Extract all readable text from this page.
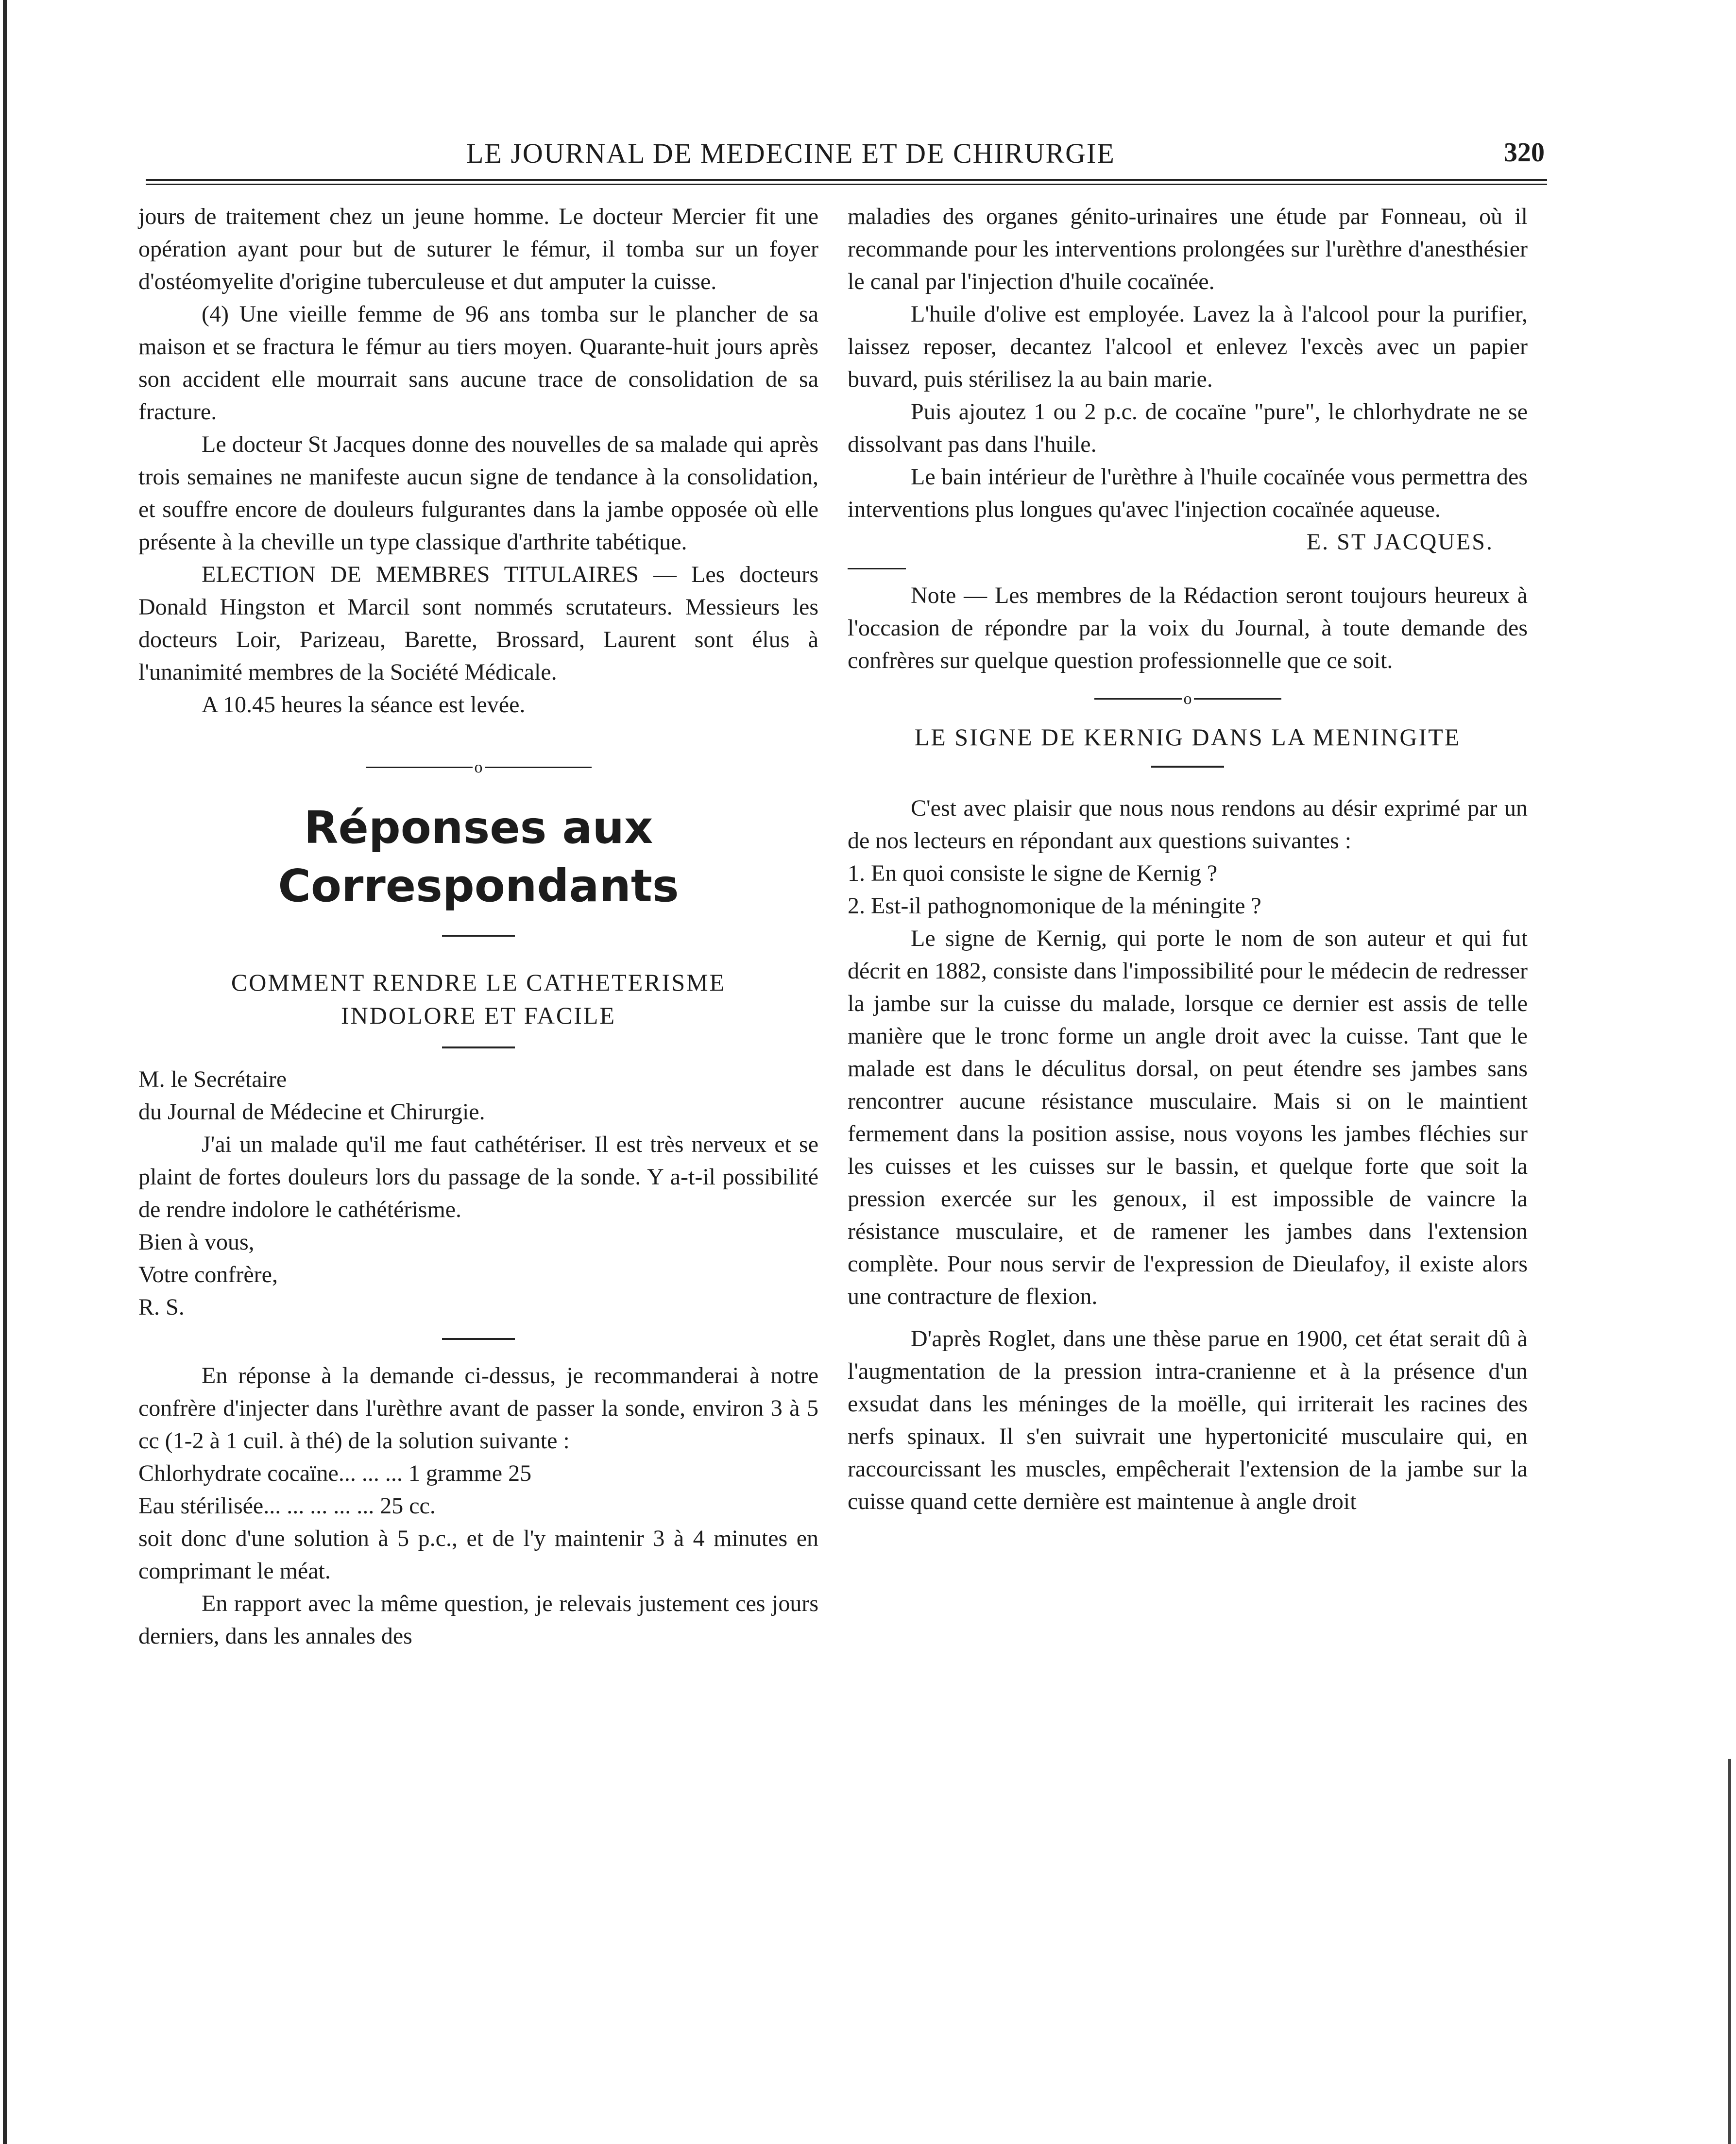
LE JOURNAL DE MEDECINE ET DE CHIRURGIE	320

jours de traitement chez un jeune homme. Le docteur Mercier fit une opération ayant pour but de suturer le fémur, il tomba sur un foyer d'ostéomyelite d'origine tuberculeuse et dut amputer la cuisse.

(4) Une vieille femme de 96 ans tomba sur le plancher de sa maison et se fractura le fémur au tiers moyen. Quarante-huit jours après son accident elle mourrait sans aucune trace de consolidation de sa fracture.

Le docteur St Jacques donne des nouvelles de sa malade qui après trois semaines ne manifeste aucun signe de tendance à la consolidation, et souffre encore de douleurs fulgurantes dans la jambe opposée où elle présente à la cheville un type classique d'arthrite tabétique.

ELECTION DE MEMBRES TITULAIRES — Les docteurs Donald Hingston et Marcil sont nommés scrutateurs. Messieurs les docteurs Loir, Parizeau, Barette, Brossard, Laurent sont élus à l'unanimité membres de la Société Médicale.

A 10.45 heures la séance est levée.

o
Réponses aux Correspondants
COMMENT RENDRE LE CATHETERISME
INDOLORE ET FACILE

M. le Secrétaire

du Journal de Médecine et Chirurgie.

J'ai un malade qu'il me faut cathétériser. Il est très nerveux et se plaint de fortes douleurs lors du passage de la sonde. Y a-t-il possibilité de rendre indolore le cathétérisme.

Bien à vous,

Votre confrère,

R. S.

En réponse à la demande ci-dessus, je recommanderai à notre confrère d'injecter dans l'urèthre avant de passer la sonde, environ 3 à 5 cc (1-2 à 1 cuil. à thé) de la solution suivante :

Chlorhydrate cocaïne... ... ... 1 gramme 25

Eau stérilisée... ... ... ... ... 25 cc.

soit donc d'une solution à 5 p.c., et de l'y maintenir 3 à 4 minutes en comprimant le méat.

En rapport avec la même question, je relevais justement ces jours derniers, dans les annales des

maladies des organes génito-urinaires une étude par Fonneau, où il recommande pour les interventions prolongées sur l'urèthre d'anesthésier le canal par l'injection d'huile cocaïnée.

L'huile d'olive est employée. Lavez la à l'alcool pour la purifier, laissez reposer, decantez l'alcool et enlevez l'excès avec un papier buvard, puis stérilisez la au bain marie.

Puis ajoutez 1 ou 2 p.c. de cocaïne "pure", le chlorhydrate ne se dissolvant pas dans l'huile.

Le bain intérieur de l'urèthre à l'huile cocaïnée vous permettra des interventions plus longues qu'avec l'injection cocaïnée aqueuse.

E. ST JACQUES.

Note — Les membres de la Rédaction seront toujours heureux à l'occasion de répondre par la voix du Journal, à toute demande des confrères sur quelque question professionnelle que ce soit.

o

LE SIGNE DE KERNIG DANS LA MENINGITE

C'est avec plaisir que nous nous rendons au désir exprimé par un de nos lecteurs en répondant aux questions suivantes :

1. En quoi consiste le signe de Kernig ?

2. Est-il pathognomonique de la méningite ?

Le signe de Kernig, qui porte le nom de son auteur et qui fut décrit en 1882, consiste dans l'impossibilité pour le médecin de redresser la jambe sur la cuisse du malade, lorsque ce dernier est assis de telle manière que le tronc forme un angle droit avec la cuisse. Tant que le malade est dans le déculitus dorsal, on peut étendre ses jambes sans rencontrer aucune résistance musculaire. Mais si on le maintient fermement dans la position assise, nous voyons les jambes fléchies sur les cuisses et les cuisses sur le bassin, et quelque forte que soit la pression exercée sur les genoux, il est impossible de vaincre la résistance musculaire, et de ramener les jambes dans l'extension complète. Pour nous servir de l'expression de Dieulafoy, il existe alors une contracture de flexion.

D'après Roglet, dans une thèse parue en 1900, cet état serait dû à l'augmentation de la pression intra-cranienne et à la présence d'un exsudat dans les méninges de la moëlle, qui irriterait les racines des nerfs spinaux. Il s'en suivrait une hypertonicité musculaire qui, en raccourcissant les muscles, empêcherait l'extension de la jambe sur la cuisse quand cette dernière est maintenue à angle droit
